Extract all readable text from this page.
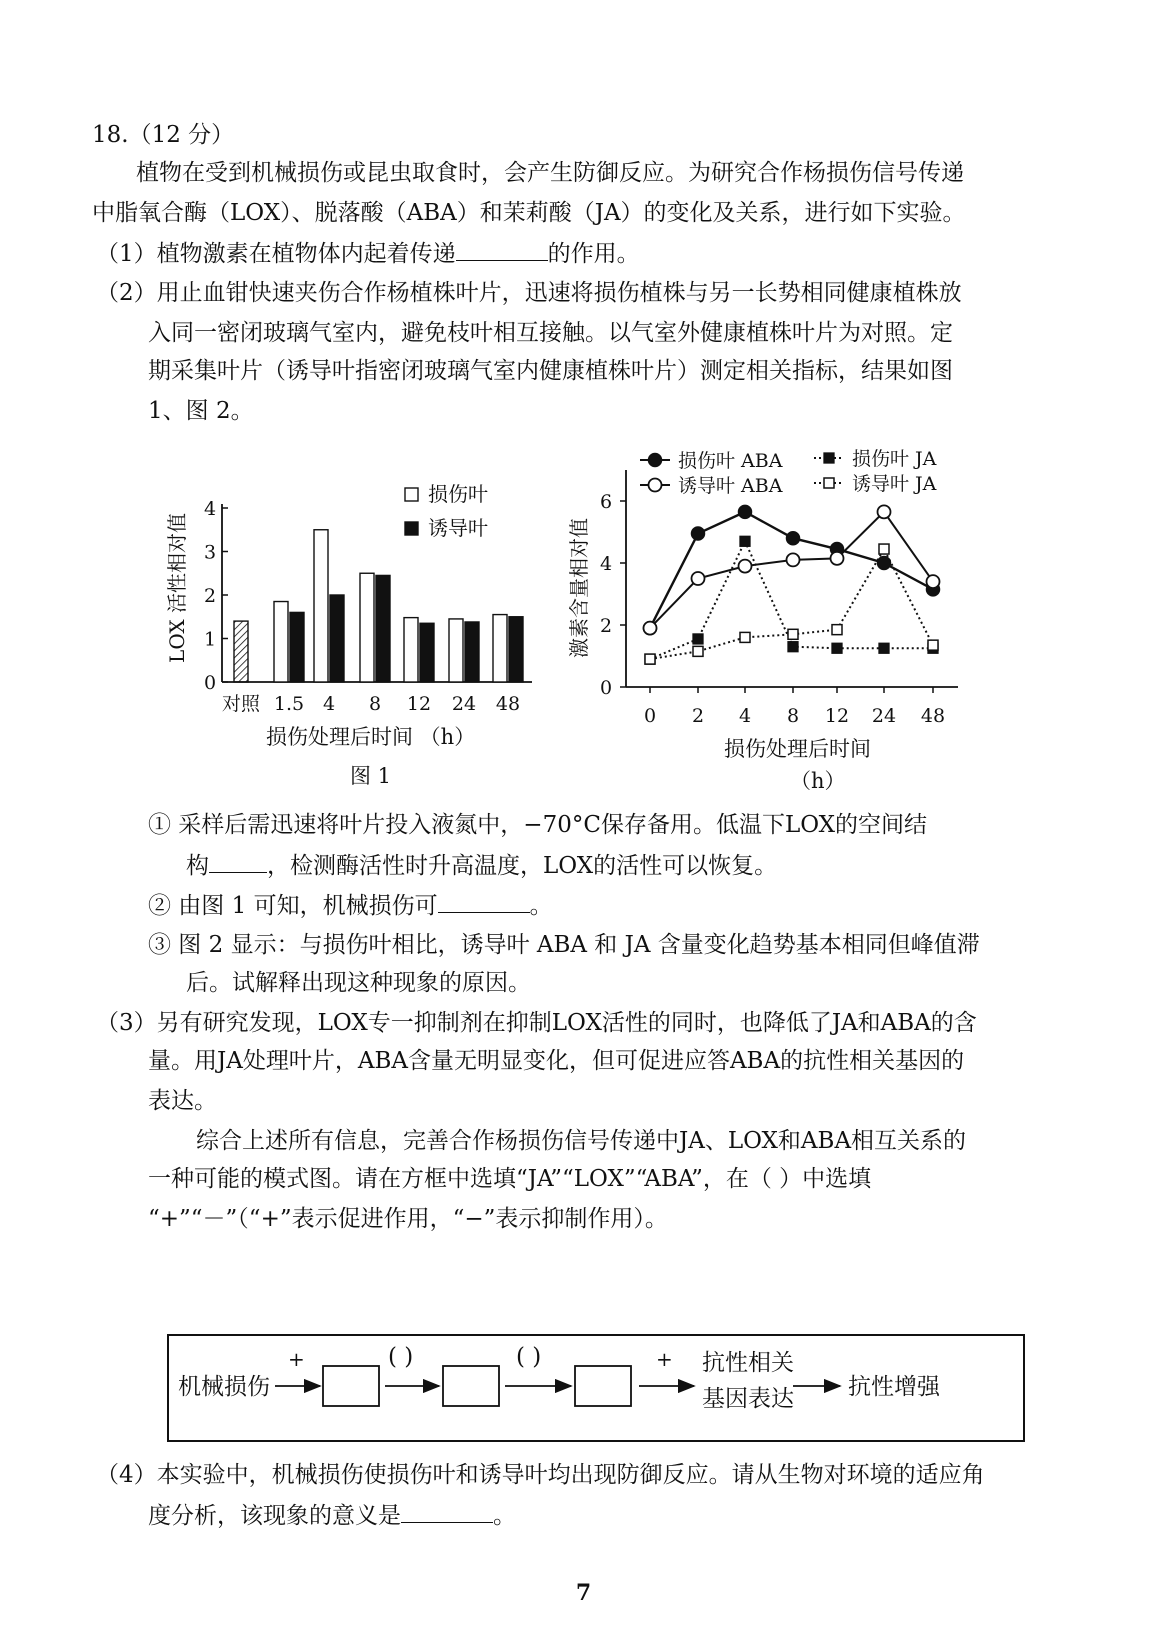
18.（12 分）
植物在受到机械损伤或昆虫取食时，会产生防御反应。为研究合作杨损伤信号传递
中脂氧合酶（LOX）、脱落酸（ABA）和茉莉酸（JA）的变化及关系，进行如下实验。
（1）植物激素在植物体内起着传递	的作用。
（2）用止血钳快速夹伤合作杨植株叶片，迅速将损伤植株与另一长势相同健康植株放
入同一密闭玻璃气室内，避免枝叶相互接触。以气室外健康植株叶片为对照。定
期采集叶片（诱导叶指密闭玻璃气室内健康植株叶片）测定相关指标，结果如图
1、图 2。
0
1
2
3
4
LOX 活性相对值
损伤叶
诱导叶
对照 1.5 4 8 12 24 48
损伤处理后时间 （h）
图 1
0
2
4
6
激素含量相对值
损伤叶 ABA
诱导叶 ABA
损伤叶 JA
诱导叶 JA
0 2 4 8 12 24 48
损伤处理后时间
（h）
① 采样后需迅速将叶片投入液氮中，−70°C保存备用。低温下LOX的空间结
构	，检测酶活性时升高温度，LOX的活性可以恢复。
② 由图 1 可知，机械损伤可	。
③ 图 2 显示：与损伤叶相比，诱导叶 ABA 和 JA 含量变化趋势基本相同但峰值滞
后。试解释出现这种现象的原因。
（3）另有研究发现，LOX专一抑制剂在抑制LOX活性的同时，也降低了JA和ABA的含
量。用JA处理叶片，ABA含量无明显变化，但可促进应答ABA的抗性相关基因的
表达。
综合上述所有信息，完善合作杨损伤信号传递中JA、LOX和ABA相互关系的
一种可能的模式图。请在方框中选填“JA”“LOX”“ABA”，在（ ）中选填
“+”“－”（“+”表示促进作用，“−”表示抑制作用）。
机械损伤
+	( )	( )	+ 抗性相关
基因表达 抗性增强
（4）本实验中，机械损伤使损伤叶和诱导叶均出现防御反应。请从生物对环境的适应角
度分析，该现象的意义是	。
7
